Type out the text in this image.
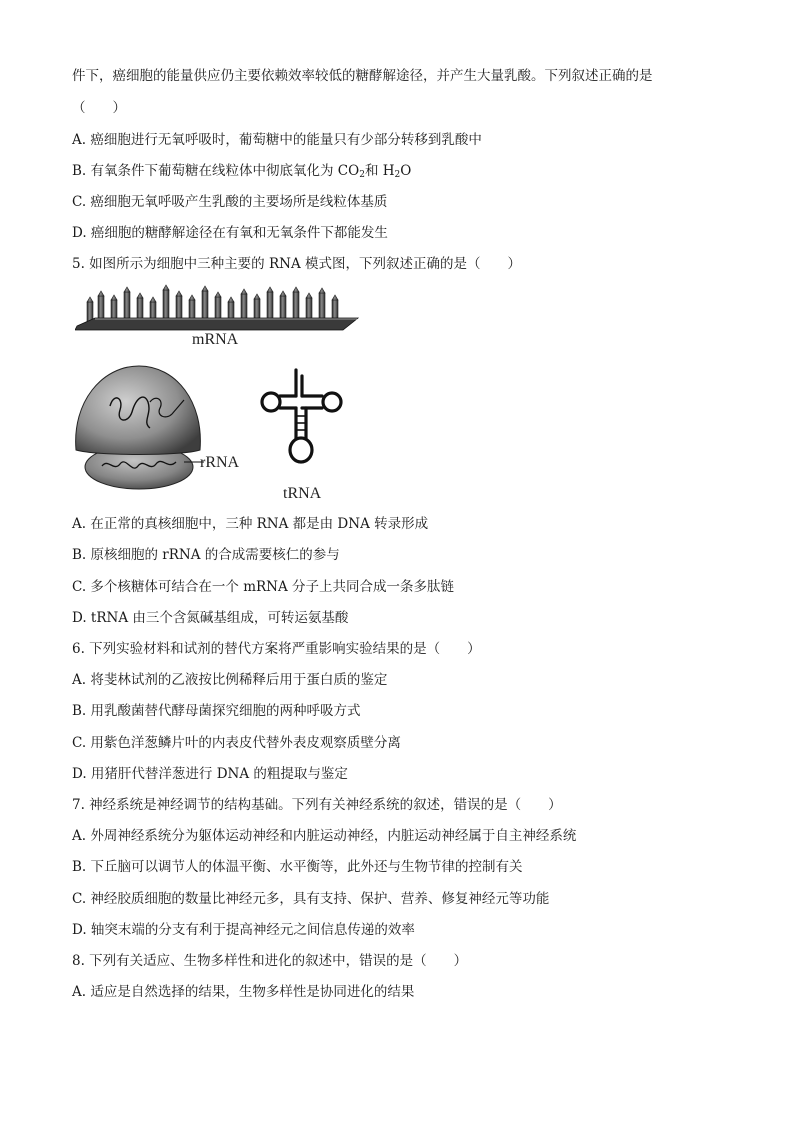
件下，癌细胞的能量供应仍主要依赖效率较低的糖酵解途径，并产生大量乳酸。下列叙述正确的是
（　　）
A. 癌细胞进行无氧呼吸时，葡萄糖中的能量只有少部分转移到乳酸中
B. 有氧条件下葡萄糖在线粒体中彻底氧化为 $CO_2$和 $H_2O$
C. 癌细胞无氧呼吸产生乳酸的主要场所是线粒体基质
D. 癌细胞的糖酵解途径在有氧和无氧条件下都能发生
5. 如图所示为细胞中三种主要的 RNA 模式图，下列叙述正确的是（　　）
mRNA
rRNA
tRNA
A. 在正常的真核细胞中，三种 RNA 都是由 DNA 转录形成
B. 原核细胞的 rRNA 的合成需要核仁的参与
C. 多个核糖体可结合在一个 mRNA 分子上共同合成一条多肽链
D. tRNA 由三个含氮碱基组成，可转运氨基酸
6. 下列实验材料和试剂的替代方案将严重影响实验结果的是（　　）
A. 将斐林试剂的乙液按比例稀释后用于蛋白质的鉴定
B. 用乳酸菌替代酵母菌探究细胞的两种呼吸方式
C. 用紫色洋葱鳞片叶的内表皮代替外表皮观察质壁分离
D. 用猪肝代替洋葱进行 DNA 的粗提取与鉴定
7. 神经系统是神经调节的结构基础。下列有关神经系统的叙述，错误的是（　　）
A. 外周神经系统分为躯体运动神经和内脏运动神经，内脏运动神经属于自主神经系统
B. 下丘脑可以调节人的体温平衡、水平衡等，此外还与生物节律的控制有关
C. 神经胶质细胞的数量比神经元多，具有支持、保护、营养、修复神经元等功能
D. 轴突末端的分支有利于提高神经元之间信息传递的效率
8. 下列有关适应、生物多样性和进化的叙述中，错误的是（　　）
A. 适应是自然选择的结果，生物多样性是协同进化的结果
